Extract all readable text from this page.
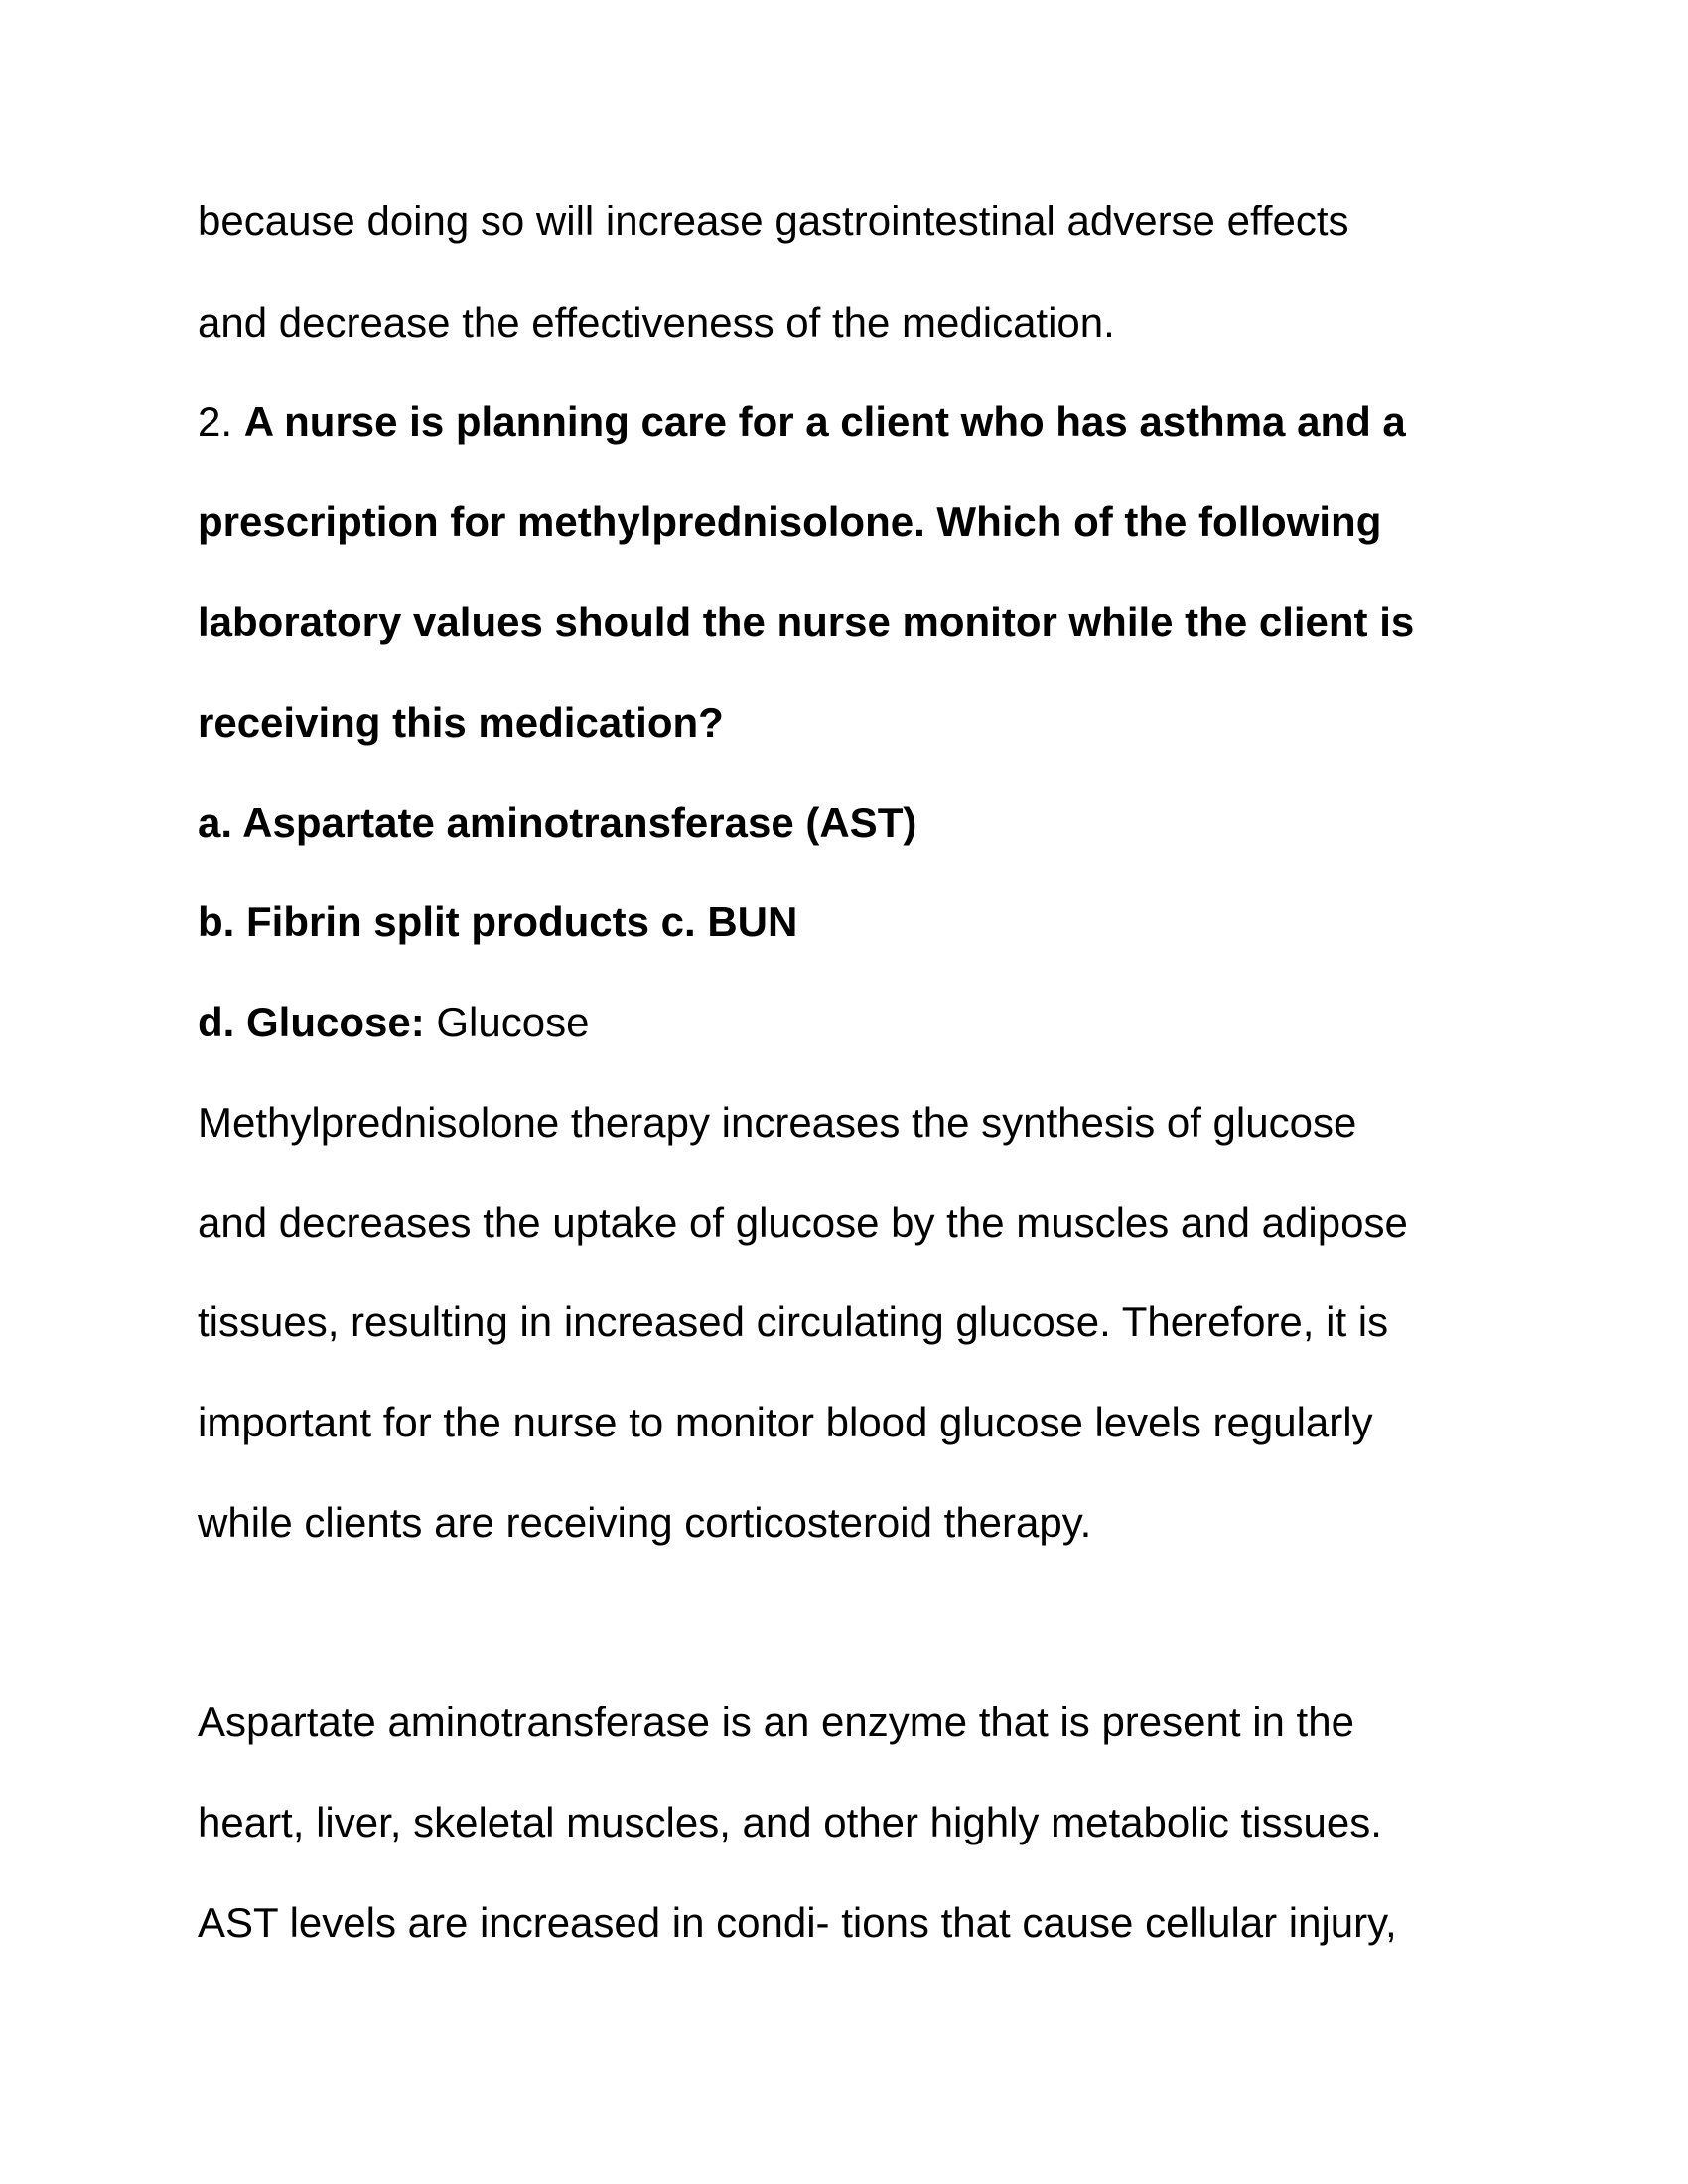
because doing so will increase gastrointestinal adverse effects

and decrease the effectiveness of the medication.

2. A nurse is planning care for a client who has asthma and a

prescription for methylprednisolone. Which of the following

laboratory values should the nurse monitor while the client is

receiving this medication?

a. Aspartate aminotransferase (AST)

b. Fibrin split products c. BUN

d. Glucose: Glucose

Methylprednisolone therapy increases the synthesis of glucose

and decreases the uptake of glucose by the muscles and adipose

tissues, resulting in increased circulating glucose. Therefore, it is

important for the nurse to monitor blood glucose levels regularly

while clients are receiving corticosteroid therapy.

Aspartate aminotransferase is an enzyme that is present in the

heart, liver, skeletal muscles, and other highly metabolic tissues.

AST levels are increased in condi- tions that cause cellular injury,
